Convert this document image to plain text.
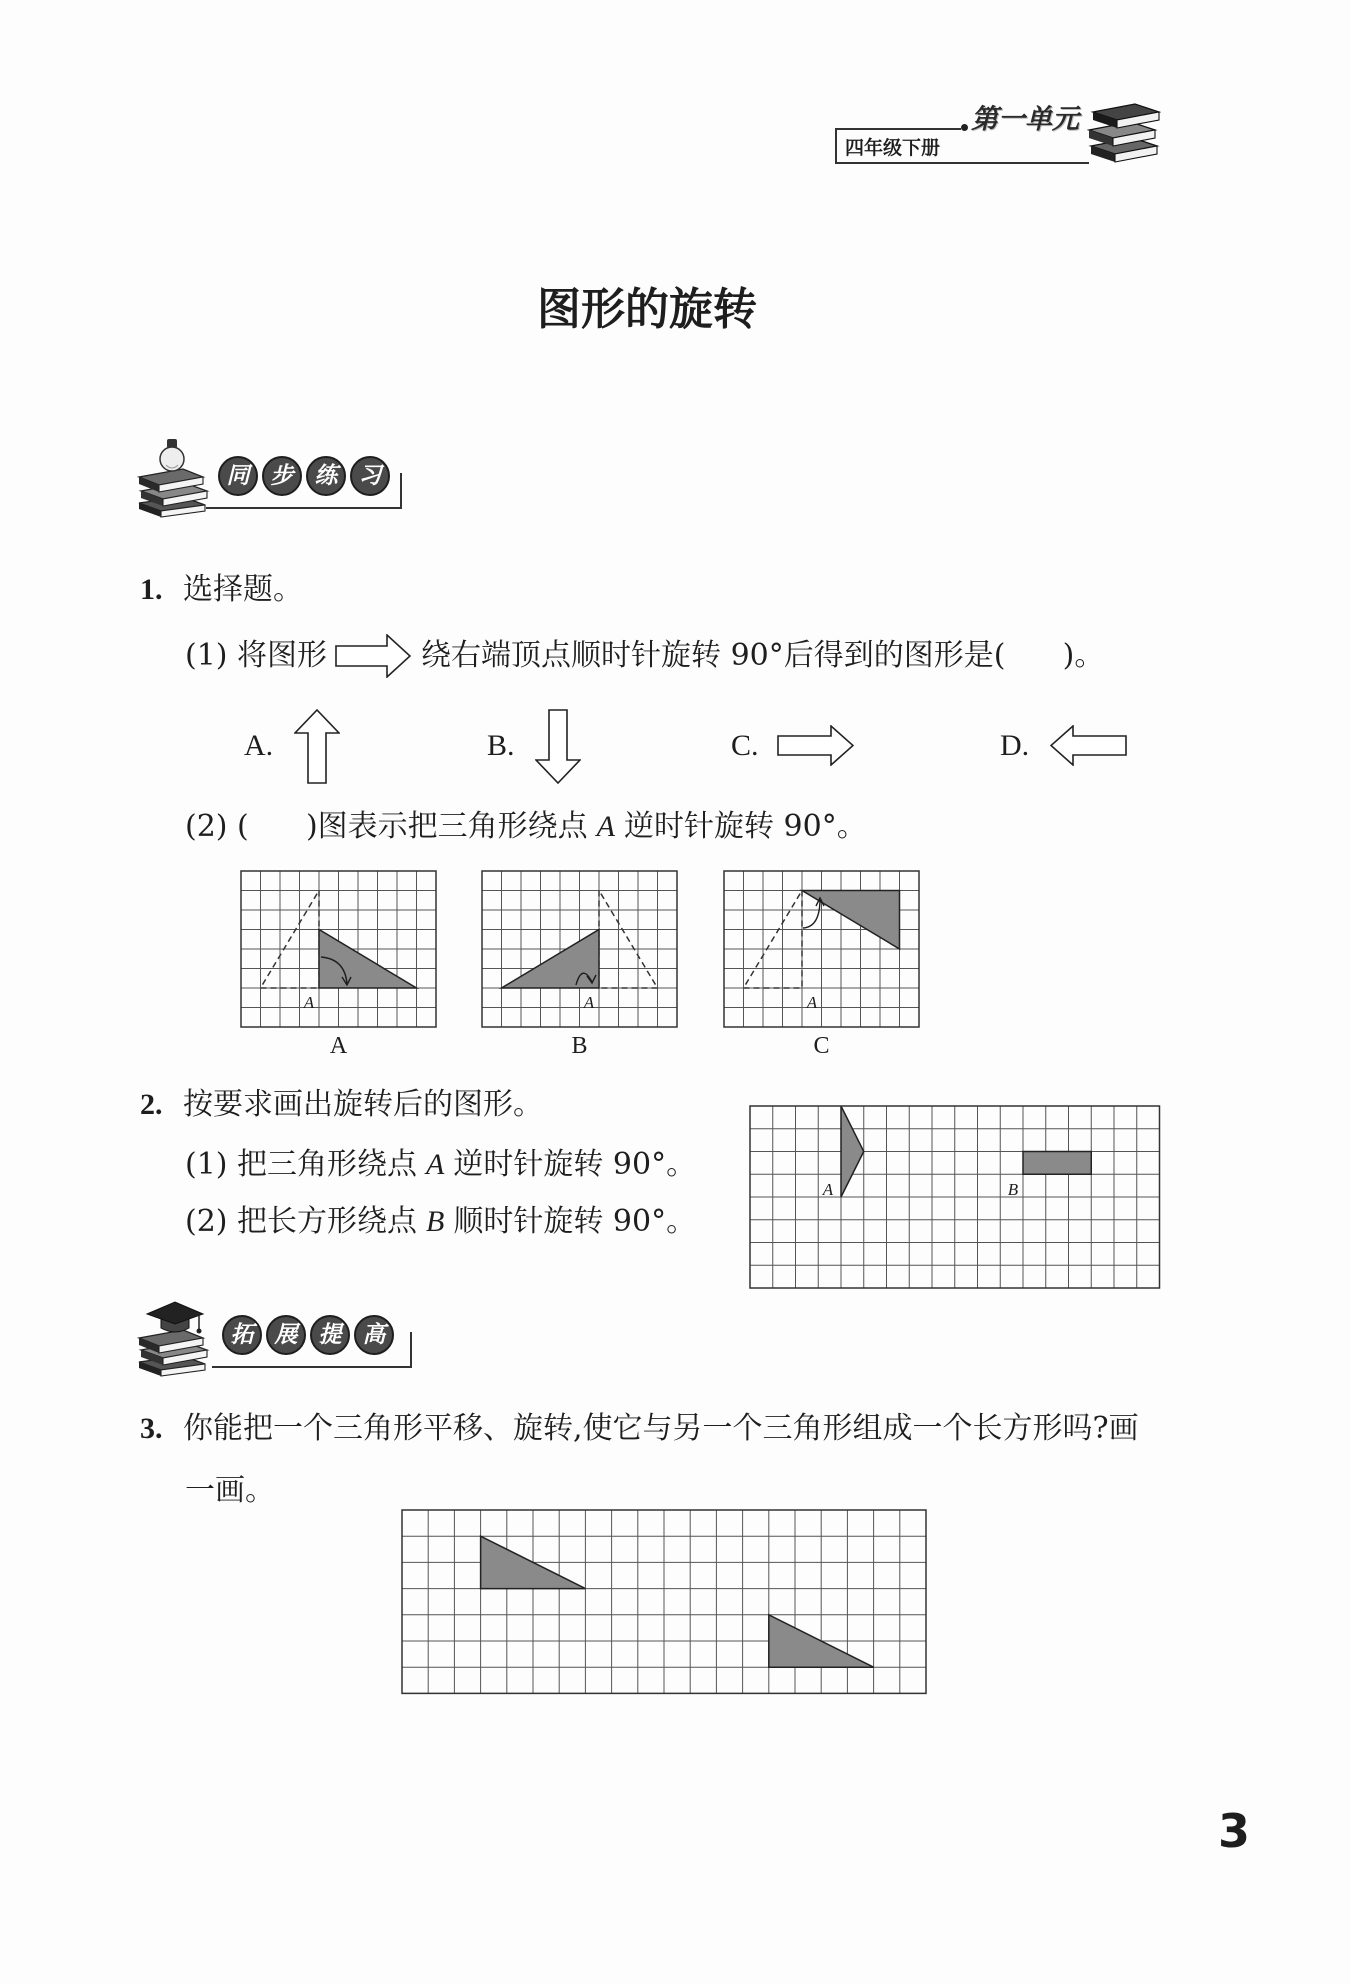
四年级下册
第一单元
图形的旋转
同 步 练 习
1. 选择题。
(1) 将图形	绕右端顶点顺时针旋转 90°后得到的图形是(      )。
A.	B.	C.	D.
(2) (      )图表示把三角形绕点 A 逆时针旋转 90°。
A	A	A
A	B	C
2. 按要求画出旋转后的图形。
(1) 把三角形绕点 A 逆时针旋转 90°。
(2) 把长方形绕点 B 顺时针旋转 90°。
A	B
拓 展 提 高
3. 你能把一个三角形平移、旋转,使它与另一个三角形组成一个长方形吗?画
一画。
3
